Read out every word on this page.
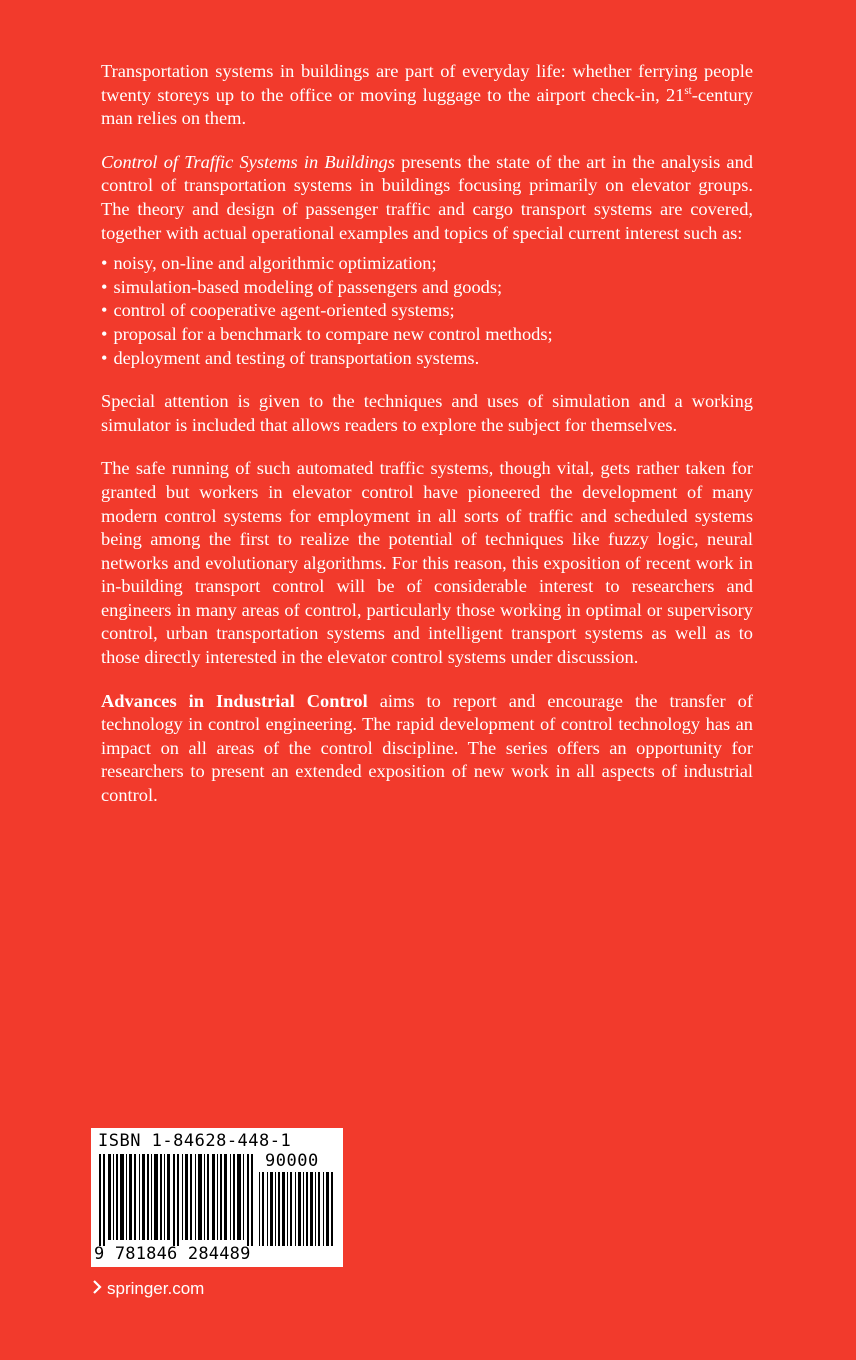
Transportation systems in buildings are part of everyday life: whether ferrying people twenty storeys up to the office or moving luggage to the airport check-in, 21st-century man relies on them.

Control of Traffic Systems in Buildings presents the state of the art in the analysis and control of transportation systems in buildings focusing primarily on elevator groups. The theory and design of passenger traffic and cargo transport systems are covered, together with actual operational examples and topics of special current interest such as:

• noisy, on-line and algorithmic optimization;
• simulation-based modeling of passengers and goods;
• control of cooperative agent-oriented systems;
• proposal for a benchmark to compare new control methods;
• deployment and testing of transportation systems.

Special attention is given to the techniques and uses of simulation and a working simulator is included that allows readers to explore the subject for themselves.

The safe running of such automated traffic systems, though vital, gets rather taken for granted but workers in elevator control have pioneered the development of many modern control systems for employment in all sorts of traffic and scheduled systems being among the first to realize the potential of techniques like fuzzy logic, neural networks and evolutionary algorithms. For this reason, this exposition of recent work in in-building transport control will be of considerable interest to researchers and engineers in many areas of control, particularly those working in optimal or supervisory control, urban transportation systems and intelligent transport systems as well as to those directly interested in the elevator control systems under discussion.

Advances in Industrial Control aims to report and encourage the transfer of technology in control engineering. The rapid development of control technology has an impact on all areas of the control discipline. The series offers an opportunity for researchers to present an extended exposition of new work in all aspects of industrial control.

ISBN 1-84628-448-1
90000
9 781846 284489
springer.com
